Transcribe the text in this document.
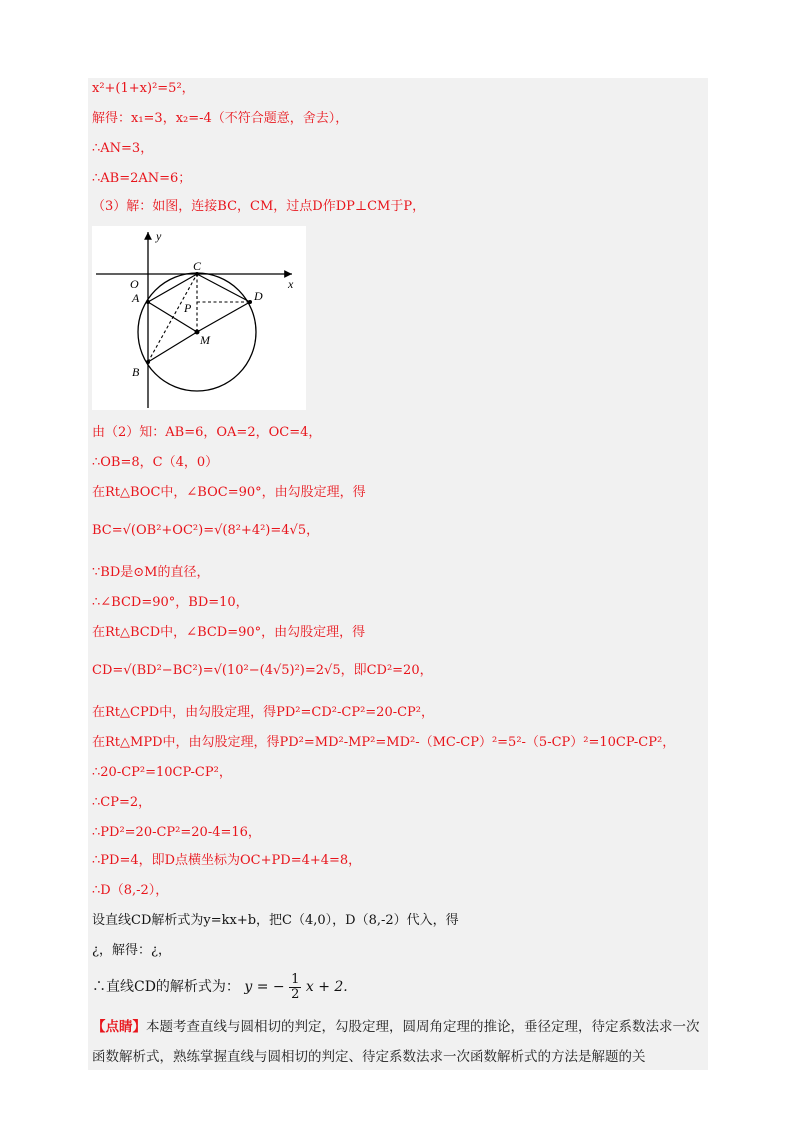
x²+(1+x)²=5²，
解得：x₁=3，x₂=-4（不符合题意，舍去），
∴AN=3，
∴AB=2AN=6；
（3）解：如图，连接BC，CM，过点D作DP⊥CM于P，
y
x
O
C
A	D
P
M
B
由（2）知：AB=6，OA=2，OC=4，
∴OB=8，C（4，0）
在Rt△BOC中，∠BOC=90°，由勾股定理，得
BC=√(OB²+OC²)=√(8²+4²)=4√5，
∵BD是⊙M的直径，
∴∠BCD=90°，BD=10，
在Rt△BCD中，∠BCD=90°，由勾股定理，得
CD=√(BD²−BC²)=√(10²−(4√5)²)=2√5，即CD²=20，
在Rt△CPD中，由勾股定理，得PD²=CD²-CP²=20-CP²，
在Rt△MPD中，由勾股定理，得PD²=MD²-MP²=MD²-（MC-CP）²=5²-（5-CP）²=10CP-CP²，
∴20-CP²=10CP-CP²，
∴CP=2，
∴PD²=20-CP²=20-4=16，
∴PD=4，即D点横坐标为OC+PD=4+4=8，
∴D（8,-2），
设直线CD解析式为y=kx+b，把C（4,0），D（8,-2）代入，得
¿，解得：¿，
∴直线CD的解析式为： y = − $\frac{1}{2}$ x + 2.
【点睛】本题考查直线与圆相切的判定，勾股定理，圆周角定理的推论，垂径定理，待定系数法求一次函数解析式，熟练掌握直线与圆相切的判定、待定系数法求一次函数解析式的方法是解题的关
